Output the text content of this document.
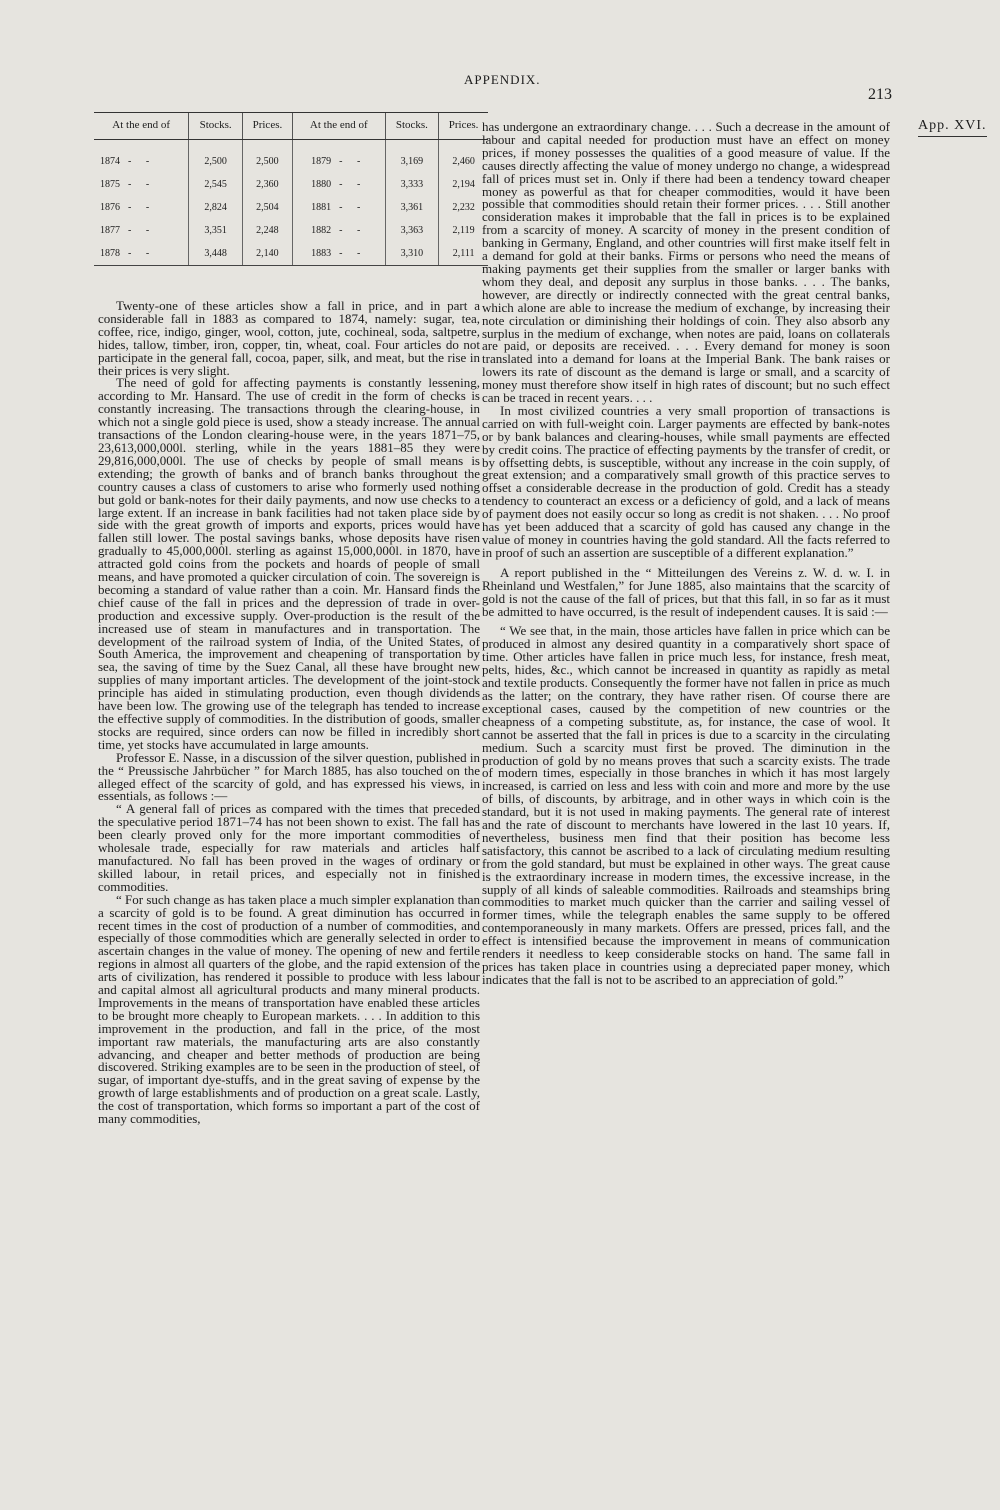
APPENDIX.
213
App. XVI.
At the end of	Stocks.	Prices.	At the end of	Stocks.	Prices.

1874 - -	2,500	2,500	1879 - -	3,169	2,460
1875 - -	2,545	2,360	1880 - -	3,333	2,194
1876 - -	2,824	2,504	1881 - -	3,361	2,232
1877 - -	3,351	2,248	1882 - -	3,363	2,119
1878 - -	3,448	2,140	1883 - -	3,310	2,111

Twenty-one of these articles show a fall in price, and in part a considerable fall in 1883 as compared to 1874, namely: sugar, tea, coffee, rice, indigo, ginger, wool, cotton, jute, cochineal, soda, saltpetre, hides, tallow, timber, iron, copper, tin, wheat, coal. Four articles do not participate in the general fall, cocoa, paper, silk, and meat, but the rise in their prices is very slight.

The need of gold for affecting payments is constantly lessening, according to Mr. Hansard. The use of credit in the form of checks is constantly increasing. The transactions through the clearing-house, in which not a single gold piece is used, show a steady increase. The annual transactions of the London clearing-house were, in the years 1871–75, 23,613,000,000l. sterling, while in the years 1881–85 they were 29,816,000,000l. The use of checks by people of small means is extending; the growth of banks and of branch banks throughout the country causes a class of customers to arise who formerly used nothing but gold or bank-notes for their daily payments, and now use checks to a large extent. If an increase in bank facilities had not taken place side by side with the great growth of imports and exports, prices would have fallen still lower. The postal savings banks, whose deposits have risen gradually to 45,000,000l. sterling as against 15,000,000l. in 1870, have attracted gold coins from the pockets and hoards of people of small means, and have promoted a quicker circulation of coin. The sovereign is becoming a standard of value rather than a coin. Mr. Hansard finds the chief cause of the fall in prices and the depression of trade in over-production and excessive supply. Over-production is the result of the increased use of steam in manufactures and in transportation. The development of the railroad system of India, of the United States, of South America, the improvement and cheapening of transportation by sea, the saving of time by the Suez Canal, all these have brought new supplies of many important articles. The development of the joint-stock principle has aided in stimulating production, even though dividends have been low. The growing use of the telegraph has tended to increase the effective supply of commodities. In the distribution of goods, smaller stocks are required, since orders can now be filled in incredibly short time, yet stocks have accumulated in large amounts.

Professor E. Nasse, in a discussion of the silver question, published in the “ Preussische Jahrbücher ” for March 1885, has also touched on the alleged effect of the scarcity of gold, and has expressed his views, in essentials, as follows :—

“ A general fall of prices as compared with the times that preceded the speculative period 1871–74 has not been shown to exist. The fall has been clearly proved only for the more important commodities of wholesale trade, especially for raw materials and articles half manufactured. No fall has been proved in the wages of ordinary or skilled labour, in retail prices, and especially not in finished commodities.

“ For such change as has taken place a much simpler explanation than a scarcity of gold is to be found. A great diminution has occurred in recent times in the cost of production of a number of commodities, and especially of those commodities which are generally selected in order to ascertain changes in the value of money. The opening of new and fertile regions in almost all quarters of the globe, and the rapid extension of the arts of civilization, has rendered it possible to produce with less labour and capital almost all agricultural products and many mineral products. Improvements in the means of transportation have enabled these articles to be brought more cheaply to European markets. . . . In addition to this improvement in the production, and fall in the price, of the most important raw materials, the manufacturing arts are also constantly advancing, and cheaper and better methods of production are being discovered. Striking examples are to be seen in the production of steel, of sugar, of important dye-stuffs, and in the great saving of expense by the growth of large establishments and of production on a great scale. Lastly, the cost of transportation, which forms so important a part of the cost of many commodities,

has undergone an extraordinary change. . . . Such a decrease in the amount of labour and capital needed for production must have an effect on money prices, if money possesses the qualities of a good measure of value. If the causes directly affecting the value of money undergo no change, a widespread fall of prices must set in. Only if there had been a tendency toward cheaper money as powerful as that for cheaper commodities, would it have been possible that commodities should retain their former prices. . . . Still another consideration makes it improbable that the fall in prices is to be explained from a scarcity of money. A scarcity of money in the present condition of banking in Germany, England, and other countries will first make itself felt in a demand for gold at their banks. Firms or persons who need the means of making payments get their supplies from the smaller or larger banks with whom they deal, and deposit any surplus in those banks. . . . The banks, however, are directly or indirectly connected with the great central banks, which alone are able to increase the medium of exchange, by increasing their note circulation or diminishing their holdings of coin. They also absorb any surplus in the medium of exchange, when notes are paid, loans on collaterals are paid, or deposits are received. . . . Every demand for money is soon translated into a demand for loans at the Imperial Bank. The bank raises or lowers its rate of discount as the demand is large or small, and a scarcity of money must therefore show itself in high rates of discount; but no such effect can be traced in recent years. . . .

In most civilized countries a very small proportion of transactions is carried on with full-weight coin. Larger payments are effected by bank-notes or by bank balances and clearing-houses, while small payments are effected by credit coins. The practice of effecting payments by the transfer of credit, or by offsetting debts, is susceptible, without any increase in the coin supply, of great extension; and a comparatively small growth of this practice serves to offset a considerable decrease in the production of gold. Credit has a steady tendency to counteract an excess or a deficiency of gold, and a lack of means of payment does not easily occur so long as credit is not shaken. . . . No proof has yet been adduced that a scarcity of gold has caused any change in the value of money in countries having the gold standard. All the facts referred to in proof of such an assertion are susceptible of a different explanation.”

A report published in the “ Mitteilungen des Vereins z. W. d. w. I. in Rheinland und Westfalen,” for June 1885, also maintains that the scarcity of gold is not the cause of the fall of prices, but that this fall, in so far as it must be admitted to have occurred, is the result of independent causes. It is said :—

“ We see that, in the main, those articles have fallen in price which can be produced in almost any desired quantity in a comparatively short space of time. Other articles have fallen in price much less, for instance, fresh meat, pelts, hides, &c., which cannot be increased in quantity as rapidly as metal and textile products. Consequently the former have not fallen in price as much as the latter; on the contrary, they have rather risen. Of course there are exceptional cases, caused by the competition of new countries or the cheapness of a competing substitute, as, for instance, the case of wool. It cannot be asserted that the fall in prices is due to a scarcity in the circulating medium. Such a scarcity must first be proved. The diminution in the production of gold by no means proves that such a scarcity exists. The trade of modern times, especially in those branches in which it has most largely increased, is carried on less and less with coin and more and more by the use of bills, of discounts, by arbitrage, and in other ways in which coin is the standard, but it is not used in making payments. The general rate of interest and the rate of discount to merchants have lowered in the last 10 years. If, nevertheless, business men find that their position has become less satisfactory, this cannot be ascribed to a lack of circulating medium resulting from the gold standard, but must be explained in other ways. The great cause is the extraordinary increase in modern times, the excessive increase, in the supply of all kinds of saleable commodities. Railroads and steamships bring commodities to market much quicker than the carrier and sailing vessel of former times, while the telegraph enables the same supply to be offered contemporaneously in many markets. Offers are pressed, prices fall, and the effect is intensified because the improvement in means of communication renders it needless to keep considerable stocks on hand. The same fall in prices has taken place in countries using a depreciated paper money, which indicates that the fall is not to be ascribed to an appreciation of gold.”
